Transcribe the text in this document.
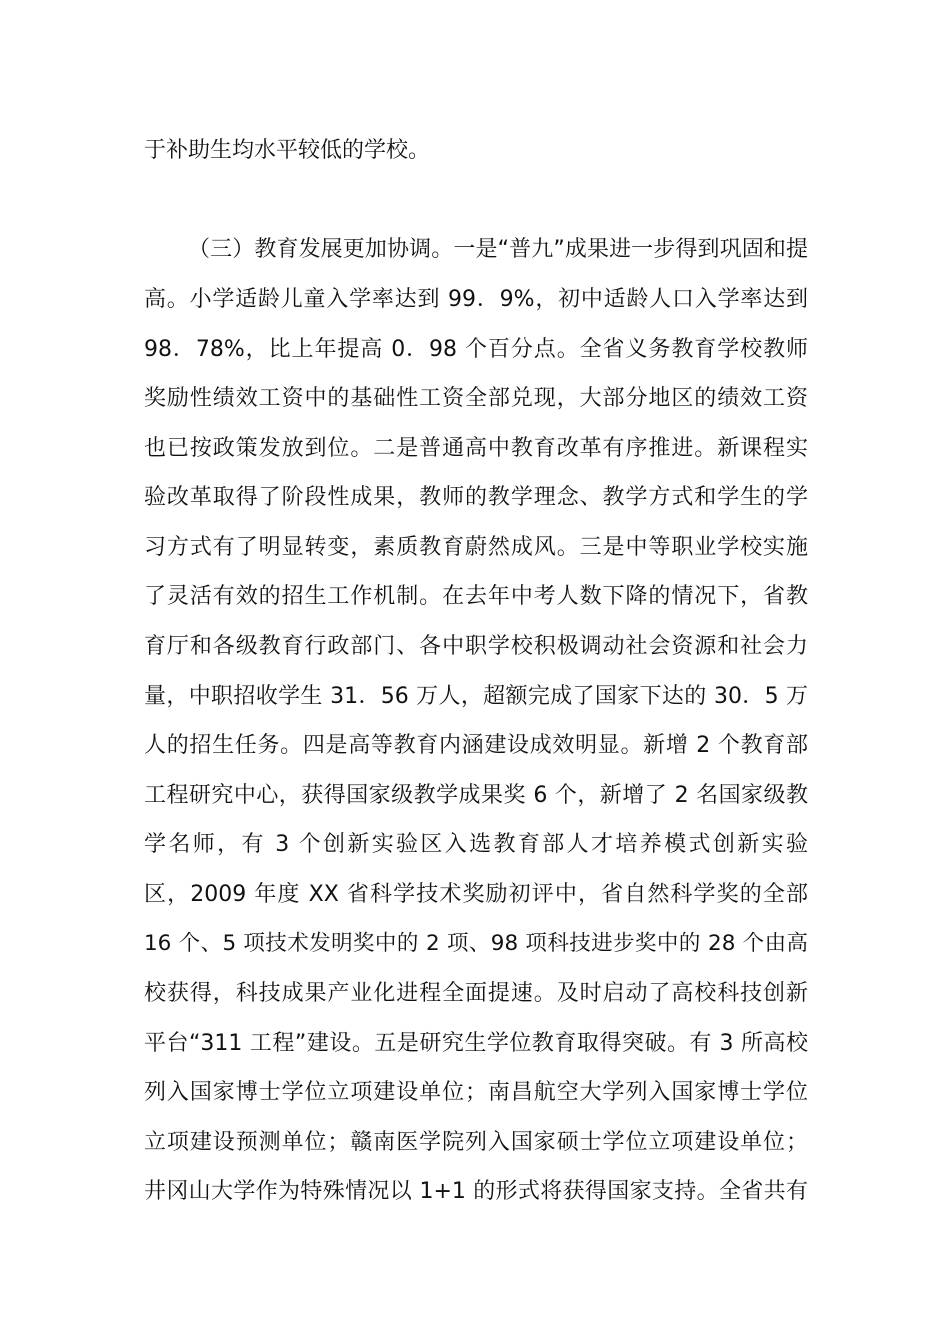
于补助生均水平较低的学校。
（三）教育发展更加协调。一是“普九”成果进一步得到巩固和提
高。小学适龄儿童入学率达到 99．9%，初中适龄人口入学率达到
98．78%，比上年提高 0．98 个百分点。全省义务教育学校教师
奖励性绩效工资中的基础性工资全部兑现，大部分地区的绩效工资
也已按政策发放到位。二是普通高中教育改革有序推进。新课程实
验改革取得了阶段性成果，教师的教学理念、教学方式和学生的学
习方式有了明显转变，素质教育蔚然成风。三是中等职业学校实施
了灵活有效的招生工作机制。在去年中考人数下降的情况下，省教
育厅和各级教育行政部门、各中职学校积极调动社会资源和社会力
量，中职招收学生 31．56 万人，超额完成了国家下达的 30．5 万
人的招生任务。四是高等教育内涵建设成效明显。新增 2 个教育部
工程研究中心，获得国家级教学成果奖 6 个，新增了 2 名国家级教
学名师，有 3 个创新实验区入选教育部人才培养模式创新实验
区，2009 年度 XX 省科学技术奖励初评中，省自然科学奖的全部
16 个、5 项技术发明奖中的 2 项、98 项科技进步奖中的 28 个由高
校获得，科技成果产业化进程全面提速。及时启动了高校科技创新
平台“311 工程”建设。五是研究生学位教育取得突破。有 3 所高校
列入国家博士学位立项建设单位；南昌航空大学列入国家博士学位
立项建设预测单位；赣南医学院列入国家硕士学位立项建设单位；
井冈山大学作为特殊情况以 1+1 的形式将获得国家支持。全省共有
